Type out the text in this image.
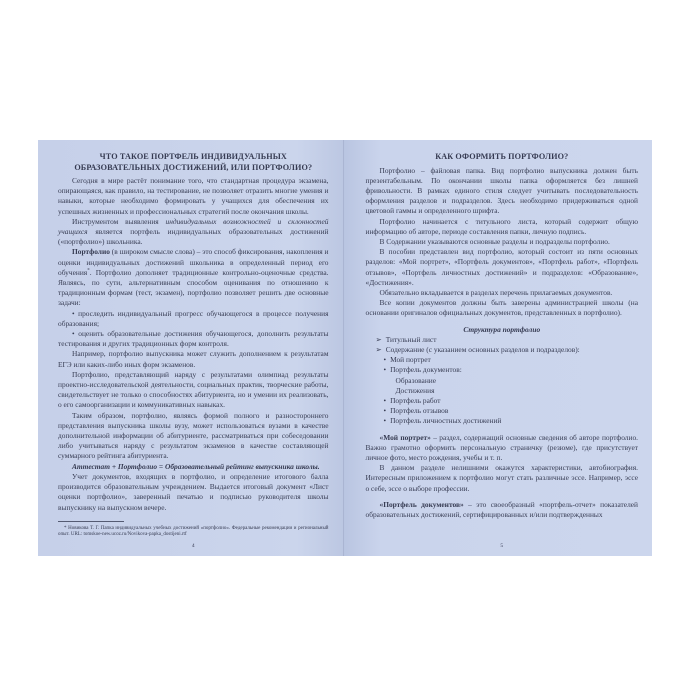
ЧТО ТАКОЕ ПОРТФЕЛЬ ИНДИВИДУАЛЬНЫХ ОБРАЗОВАТЕЛЬНЫХ ДОСТИЖЕНИЙ, ИЛИ ПОРТФОЛИО?

Сегодня в мире растёт понимание того, что стандартная процедура экзамена, опирающаяся, как правило, на тестирование, не позволяет отразить многие умения и навыки, которые необходимо формировать у учащихся для обеспечения их успешных жизненных и профессиональных стратегий после окончания школы.

Инструментом выявления индивидуальных возможностей и склонностей учащихся является портфель индивидуальных образовательных достижений («портфолио») школьника.

Портфолио (в широком смысле слова) – это способ фиксирования, накопления и оценки индивидуальных достижений школьника в определенный период его обучения*. Портфолио дополняет традиционные контрольно-оценочные средства. Являясь, по сути, альтернативным способом оценивания по отношению к традиционным формам (тест, экзамен), портфолио позволяет решить две основные задачи:

• проследить индивидуальный прогресс обучающегося в процессе получения образования;

• оценить образовательные достижения обучающегося, дополнить результаты тестирования и других традиционных форм контроля.

Например, портфолио выпускника может служить дополнением к результатам ЕГЭ или каких-либо иных форм экзаменов.

Портфолио, представляющий наряду с результатами олимпиад результаты проектно-исследовательской деятельности, социальных практик, творческие работы, свидетельствует не только о способностях абитуриента, но и умении их реализовать, о его самоорганизации и коммуникативных навыках.

Таким образом, портфолио, являясь формой полного и разностороннего представления выпускника школы вузу, может использоваться вузами в качестве дополнительной информации об абитуриенте, рассматриваться при собеседовании либо учитываться наряду с результатом экзаменов в качестве составляющей суммарного рейтинга абитуриента.

Аттестат + Портфолио = Образовательный рейтинг выпускника школы.

Учет документов, входящих в портфолио, и определение итогового балла производится образовательным учреждением. Выдается итоговый документ «Лист оценки портфолио», заверенный печатью и подписью руководителя школы выпускнику на выпускном вечере.

* Новикова Т. Г. Папка индивидуальных учебных достижений «портфолио». Федеральные рекомендации и региональный опыт. URL: tomskoe-new.ucoz.ru/Novikova-papka_dostijeni.rtf

4
КАК ОФОРМИТЬ ПОРТФОЛИО?

Портфолио – файловая папка. Вид портфолио выпускника должен быть презентабельным. По окончании школы папка оформляется без лишней фривольности. В рамках единого стиля следует учитывать последовательность оформления разделов и подразделов. Здесь необходимо придерживаться одной цветовой гаммы и определенного шрифта.

Портфолио начинается с титульного листа, который содержит общую информацию об авторе, периоде составления папки, личную подпись.

В Содержании указываются основные разделы и подразделы портфолио.

В пособии представлен вид портфолио, который состоит из пяти основных разделов: «Мой портрет», «Портфель документов», «Портфель работ», «Портфель отзывов», «Портфель личностных достижений» и подразделов: «Образование», «Достижения».

Обязательно вкладывается в разделах перечень прилагаемых документов.

Все копии документов должны быть заверены администрацией школы (на основании оригиналов официальных документов, представленных в портфолио).

Структура портфолио

➢ Титульный лист
➢ Содержание (с указанием основных разделов и подразделов):
• Мой портрет
• Портфель документов:
Образование
Достижения
• Портфель работ
• Портфель отзывов
• Портфель личностных достижений

«Мой портрет» – раздел, содержащий основные сведения об авторе портфолио. Важно грамотно оформить персональную страничку (резюме), где присутствует личное фото, место рождения, учебы и т. п.

В данном разделе нелишними окажутся характеристики, автобиография. Интересным приложением к портфолио могут стать различные эссе. Например, эссе о себе, эссе о выборе профессии.

«Портфель документов» – это своеобразный «портфель-отчет» показателей образовательных достижений, сертифицированных и/или подтвержденных

5
